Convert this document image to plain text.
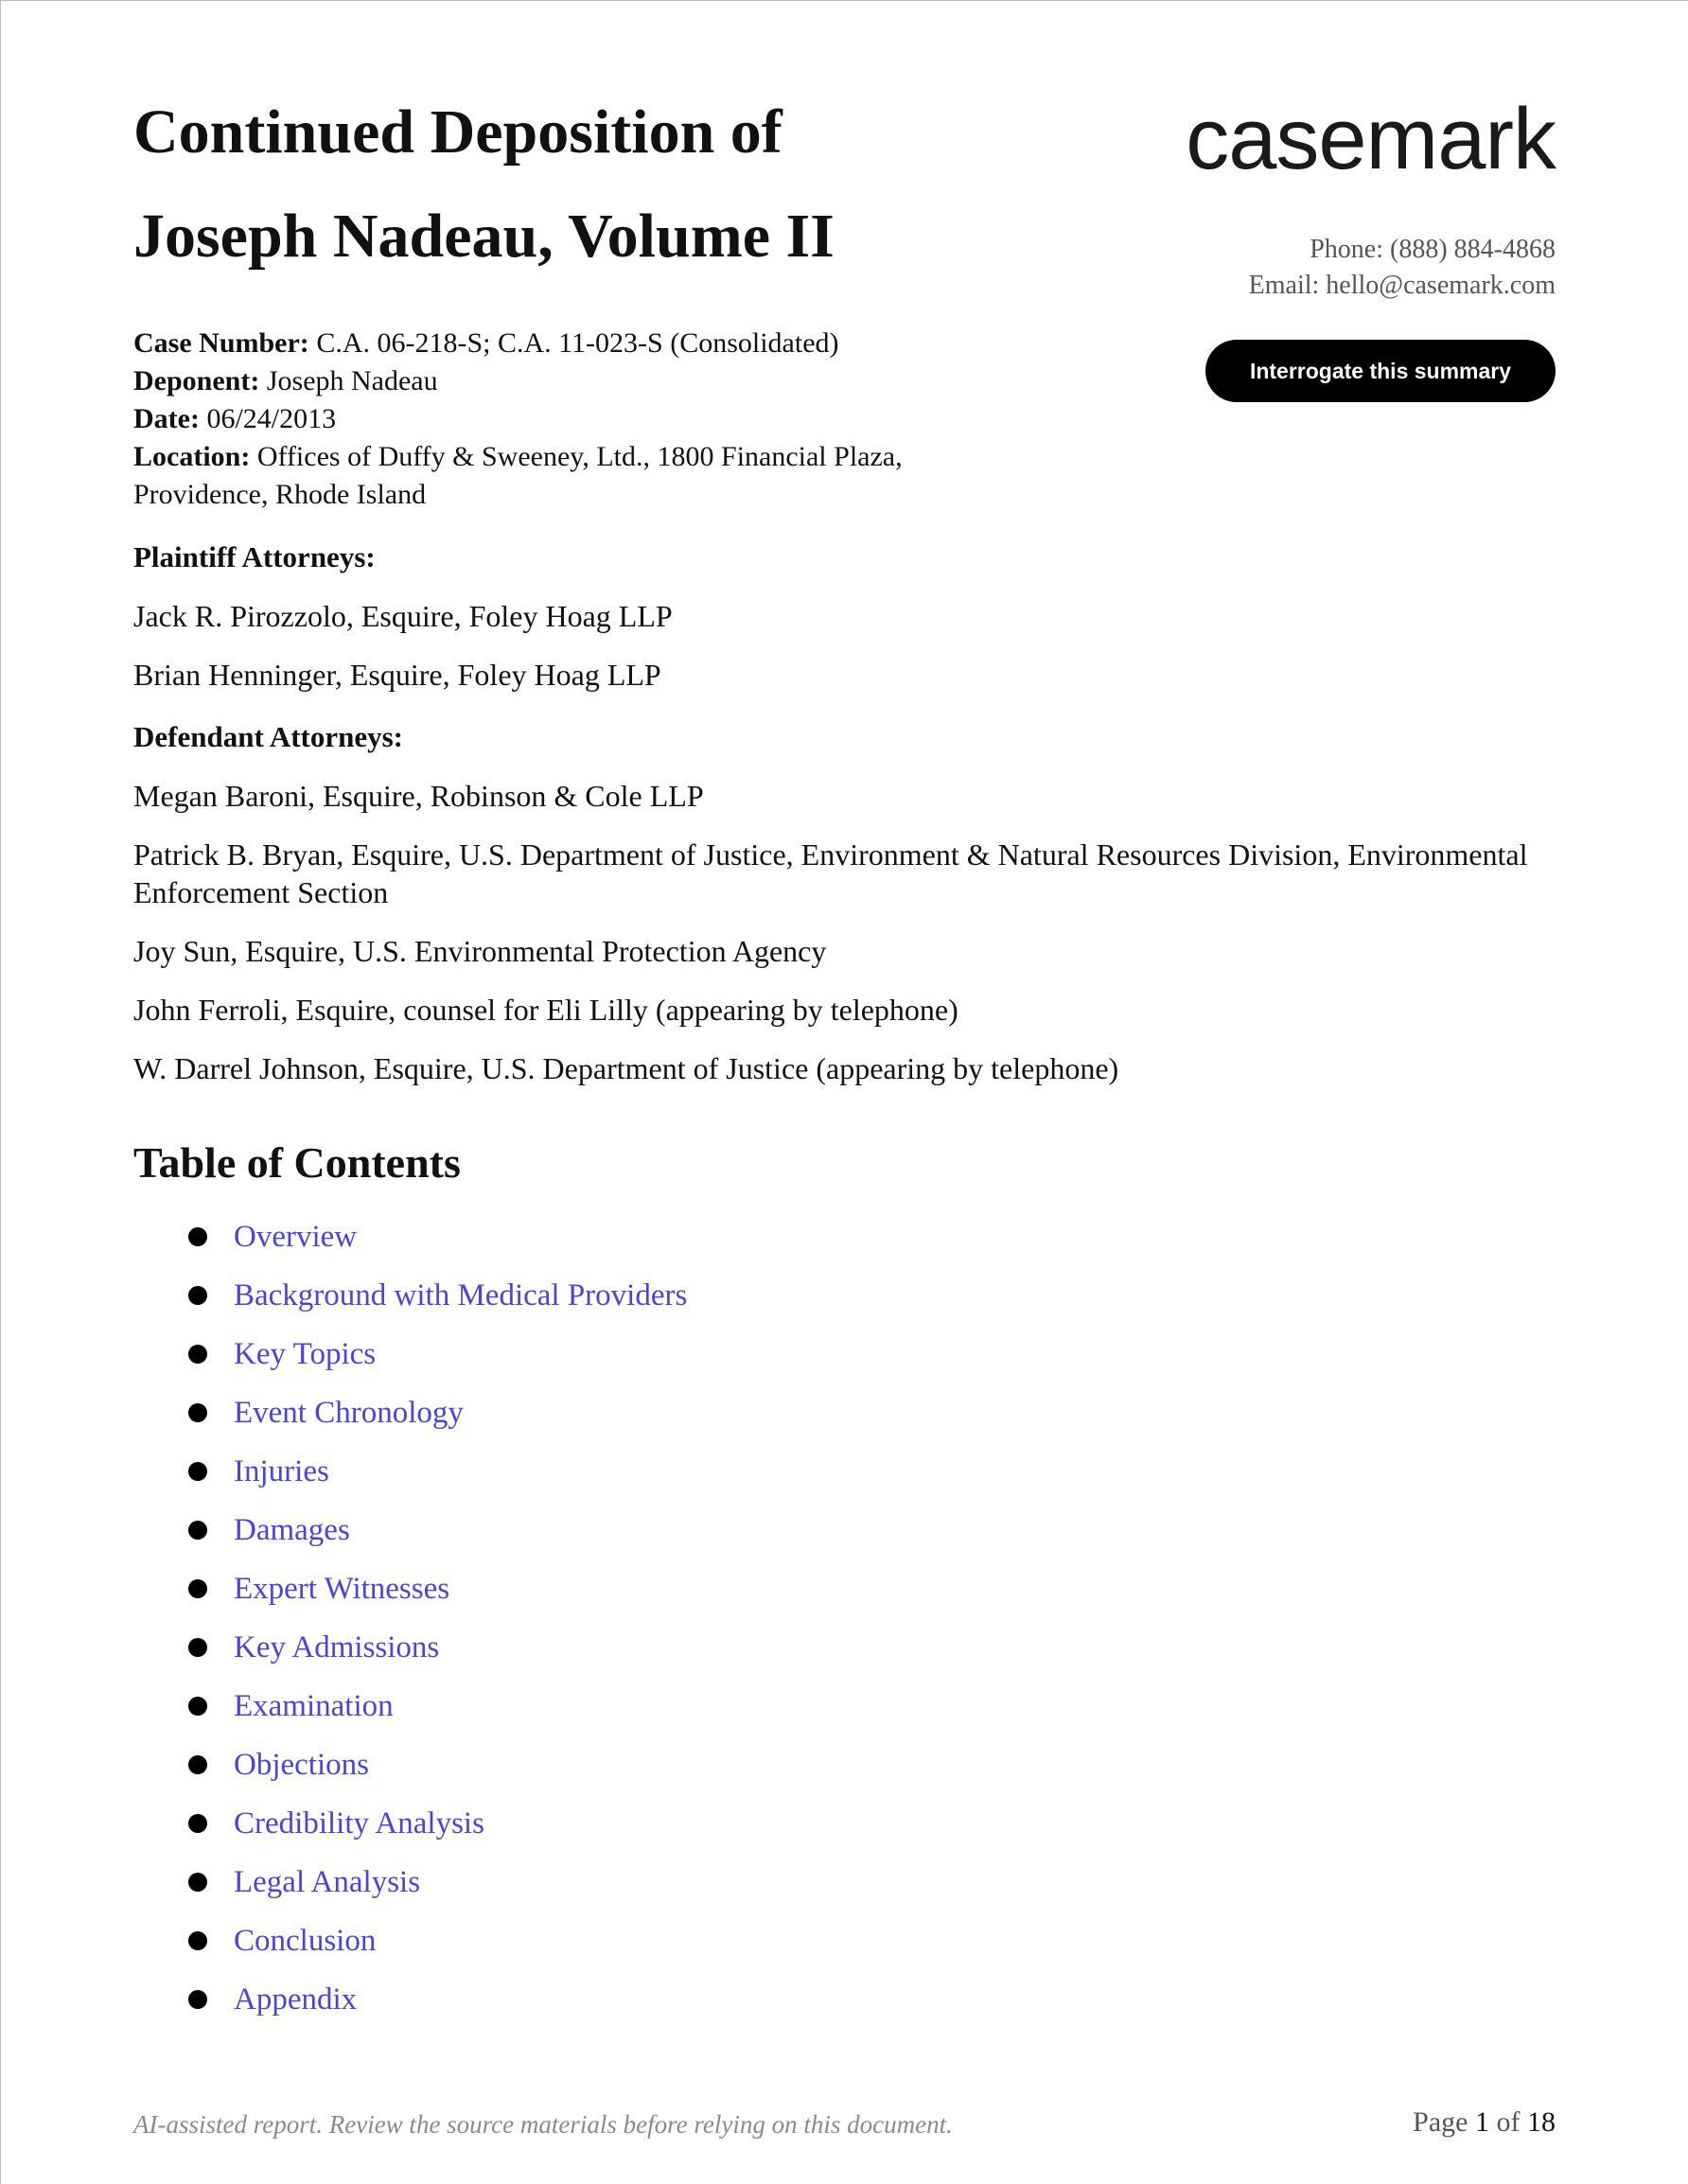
Continued Deposition of
Joseph Nadeau, Volume II
casemark
Phone: (888) 884-4868
Email: hello@casemark.com
Interrogate this summary

Case Number: C.A. 06-218-S; C.A. 11-023-S (Consolidated)

Deponent: Joseph Nadeau

Date: 06/24/2013

Location: Offices of Duffy & Sweeney, Ltd., 1800 Financial Plaza,
Providence, Rhode Island

Plaintiff Attorneys:

Jack R. Pirozzolo, Esquire, Foley Hoag LLP

Brian Henninger, Esquire, Foley Hoag LLP

Defendant Attorneys:

Megan Baroni, Esquire, Robinson & Cole LLP

Patrick B. Bryan, Esquire, U.S. Department of Justice, Environment & Natural Resources Division, Environmental Enforcement Section

Joy Sun, Esquire, U.S. Environmental Protection Agency

John Ferroli, Esquire, counsel for Eli Lilly (appearing by telephone)

W. Darrel Johnson, Esquire, U.S. Department of Justice (appearing by telephone)

Table of Contents
Overview
Background with Medical Providers
Key Topics
Event Chronology
Injuries
Damages
Expert Witnesses
Key Admissions
Examination
Objections
Credibility Analysis
Legal Analysis
Conclusion
Appendix
AI-assisted report. Review the source materials before relying on this document.	Page 1 of 18
